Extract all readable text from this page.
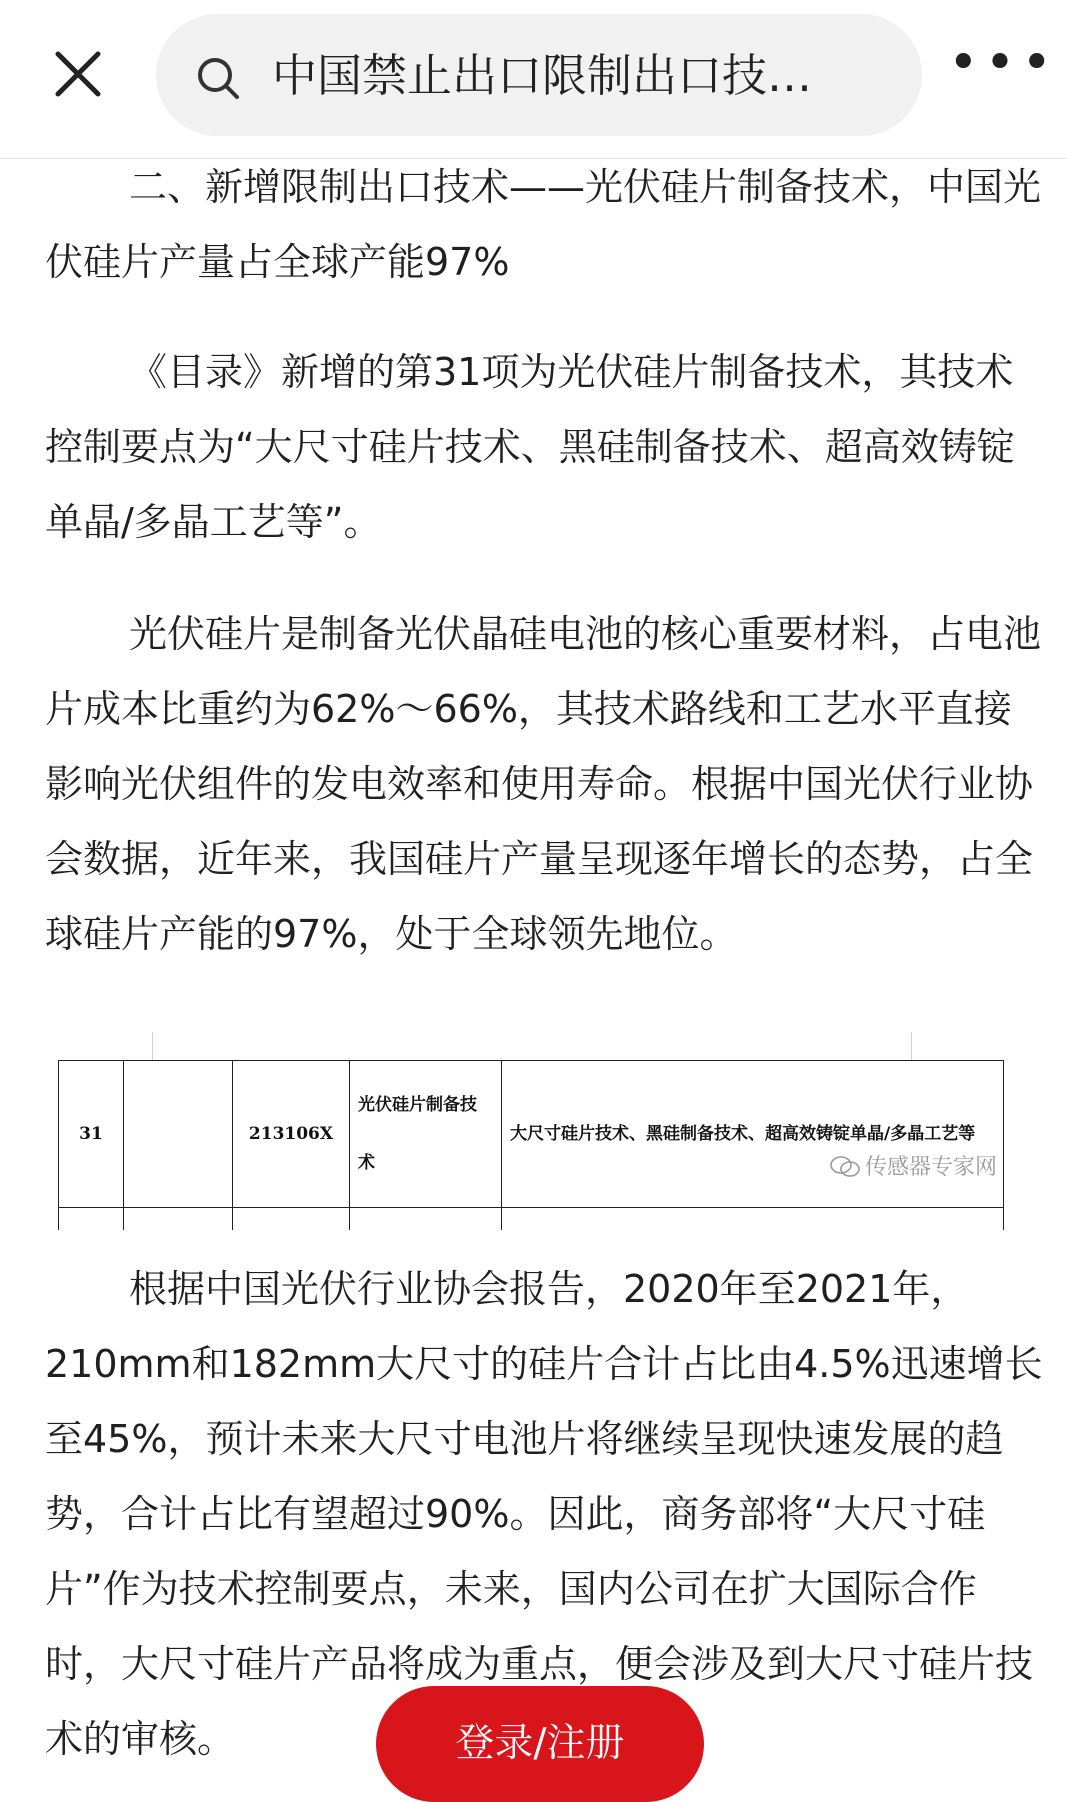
中国禁止出口限制出口技…	•••

二、新增限制出口技术——光伏硅片制备技术，中国光伏硅片产量占全球产能97%

《目录》新增的第31项为光伏硅片制备技术，其技术控制要点为“大尺寸硅片技术、黑硅制备技术、超高效铸锭单晶/多晶工艺等”。

光伏硅片是制备光伏晶硅电池的核心重要材料，占电池片成本比重约为62%～66%，其技术路线和工艺水平直接影响光伏组件的发电效率和使用寿命。根据中国光伏行业协会数据，近年来，我国硅片产量呈现逐年增长的态势，占全球硅片产能的97%，处于全球领先地位。

根据中国光伏行业协会报告，2020年至2021年，210mm和182mm大尺寸的硅片合计占比由4.5%迅速增长至45%，预计未来大尺寸电池片将继续呈现快速发展的趋势，合计占比有望超过90%。因此，商务部将“大尺寸硅片”作为技术控制要点，未来，国内公司在扩大国际合作时，大尺寸硅片产品将成为重点，便会涉及到大尺寸硅片技术的审核。

31		213106X	光伏硅片制备技术	大尺寸硅片技术、黑硅制备技术、超高效铸锭单晶/多晶工艺等
传感器专家网

登录/注册
